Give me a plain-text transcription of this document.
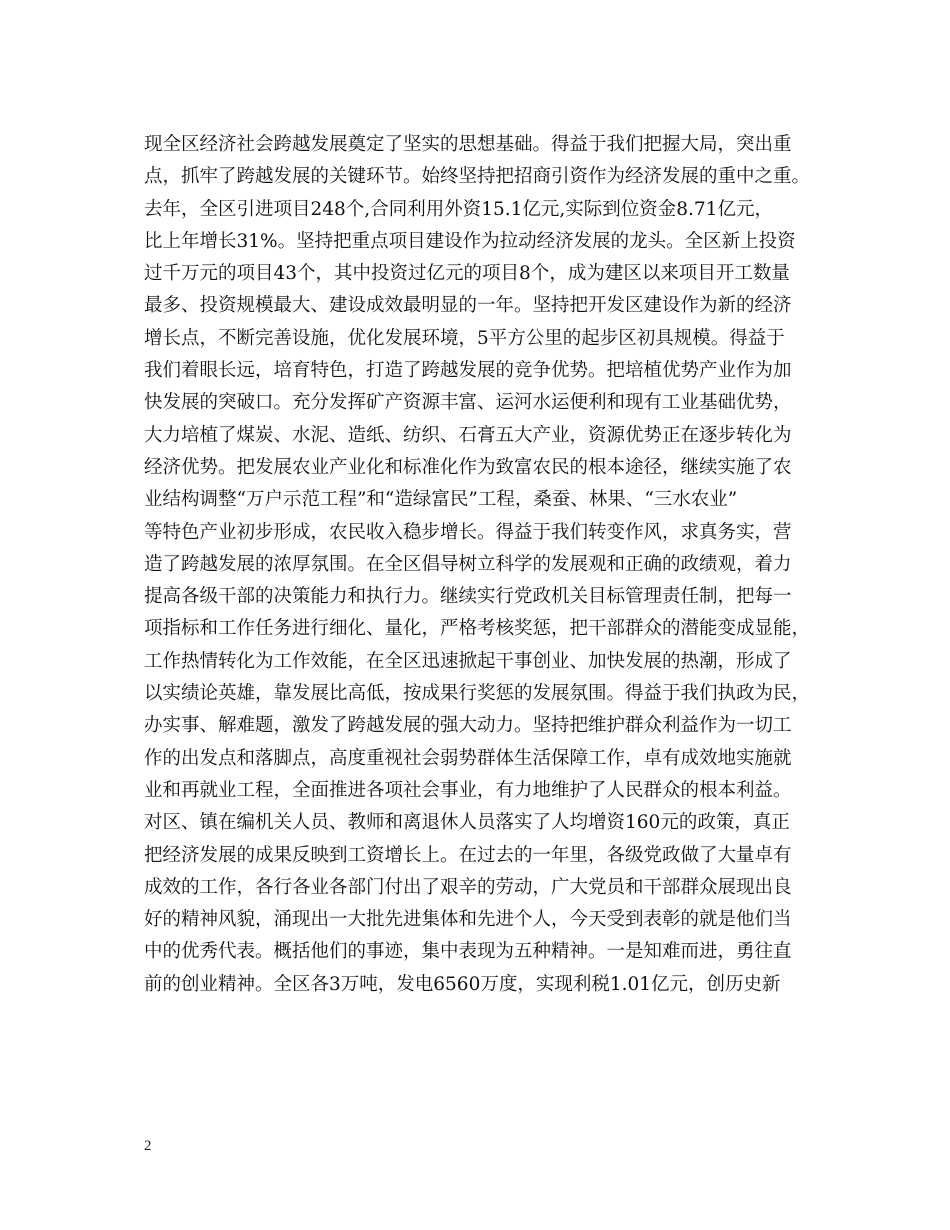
现全区经济社会跨越发展奠定了坚实的思想基础。得益于我们把握大局，突出重
点，抓牢了跨越发展的关键环节。始终坚持把招商引资作为经济发展的重中之重。
去年，全区引进项目248个,合同利用外资15.1亿元,实际到位资金8.71亿元，
比上年增长31%。坚持把重点项目建设作为拉动经济发展的龙头。全区新上投资
过千万元的项目43个，其中投资过亿元的项目8个，成为建区以来项目开工数量
最多、投资规模最大、建设成效最明显的一年。坚持把开发区建设作为新的经济
增长点，不断完善设施，优化发展环境，5平方公里的起步区初具规模。得益于
我们着眼长远，培育特色，打造了跨越发展的竞争优势。把培植优势产业作为加
快发展的突破口。充分发挥矿产资源丰富、运河水运便利和现有工业基础优势，
大力培植了煤炭、水泥、造纸、纺织、石膏五大产业，资源优势正在逐步转化为
经济优势。把发展农业产业化和标准化作为致富农民的根本途径，继续实施了农
业结构调整“万户示范工程”和“造绿富民”工程，桑蚕、林果、“三水农业”
等特色产业初步形成，农民收入稳步增长。得益于我们转变作风，求真务实，营
造了跨越发展的浓厚氛围。在全区倡导树立科学的发展观和正确的政绩观，着力
提高各级干部的决策能力和执行力。继续实行党政机关目标管理责任制，把每一
项指标和工作任务进行细化、量化，严格考核奖惩，把干部群众的潜能变成显能，
工作热情转化为工作效能，在全区迅速掀起干事创业、加快发展的热潮，形成了
以实绩论英雄，靠发展比高低，按成果行奖惩的发展氛围。得益于我们执政为民，
办实事、解难题，激发了跨越发展的强大动力。坚持把维护群众利益作为一切工
作的出发点和落脚点，高度重视社会弱势群体生活保障工作，卓有成效地实施就
业和再就业工程，全面推进各项社会事业，有力地维护了人民群众的根本利益。
对区、镇在编机关人员、教师和离退休人员落实了人均增资160元的政策，真正
把经济发展的成果反映到工资增长上。在过去的一年里，各级党政做了大量卓有
成效的工作，各行各业各部门付出了艰辛的劳动，广大党员和干部群众展现出良
好的精神风貌，涌现出一大批先进集体和先进个人，今天受到表彰的就是他们当
中的优秀代表。概括他们的事迹，集中表现为五种精神。一是知难而进，勇往直
前的创业精神。全区各3万吨，发电6560万度，实现利税1.01亿元，创历史新
2
